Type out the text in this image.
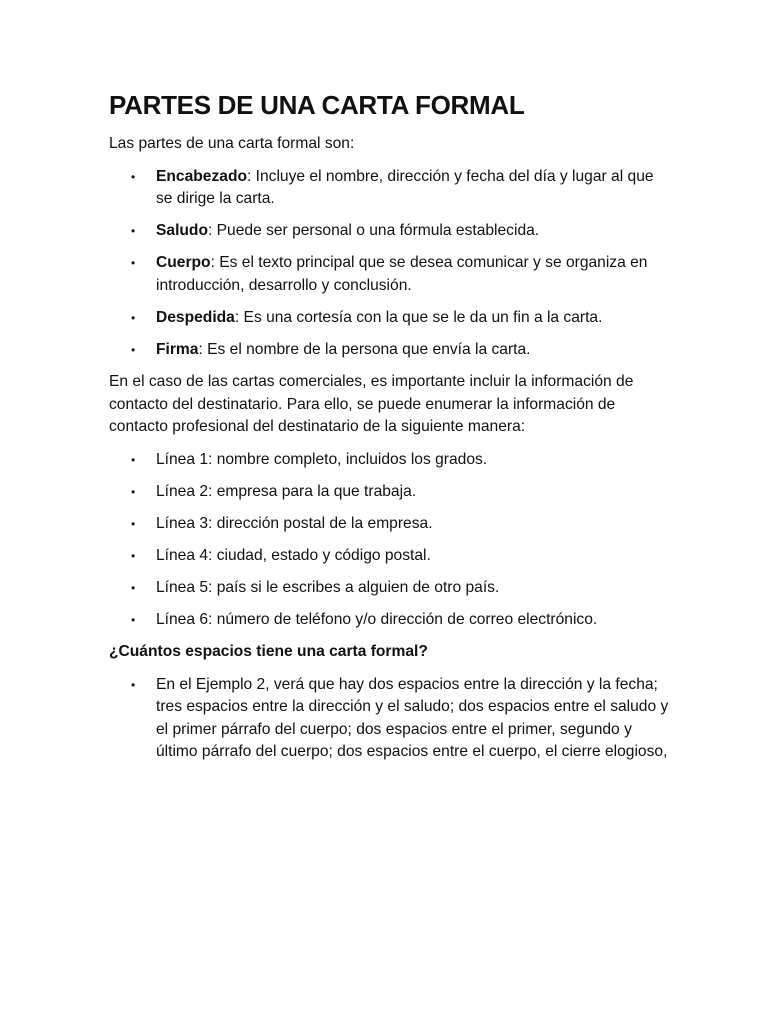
PARTES DE UNA CARTA FORMAL

Las partes de una carta formal son:

• Encabezado: Incluye el nombre, dirección y fecha del día y lugar al que se dirige la carta.
• Saludo: Puede ser personal o una fórmula establecida.
• Cuerpo: Es el texto principal que se desea comunicar y se organiza en introducción, desarrollo y conclusión.
• Despedida: Es una cortesía con la que se le da un fin a la carta.
• Firma: Es el nombre de la persona que envía la carta.

En el caso de las cartas comerciales, es importante incluir la información de contacto del destinatario. Para ello, se puede enumerar la información de contacto profesional del destinatario de la siguiente manera:

• Línea 1: nombre completo, incluidos los grados.
• Línea 2: empresa para la que trabaja.
• Línea 3: dirección postal de la empresa.
• Línea 4: ciudad, estado y código postal.
• Línea 5: país si le escribes a alguien de otro país.
• Línea 6: número de teléfono y/o dirección de correo electrónico.

¿Cuántos espacios tiene una carta formal?

• En el Ejemplo 2, verá que hay dos espacios entre la dirección y la fecha; tres espacios entre la dirección y el saludo; dos espacios entre el saludo y el primer párrafo del cuerpo; dos espacios entre el primer, segundo y último párrafo del cuerpo; dos espacios entre el cuerpo, el cierre elogioso,
